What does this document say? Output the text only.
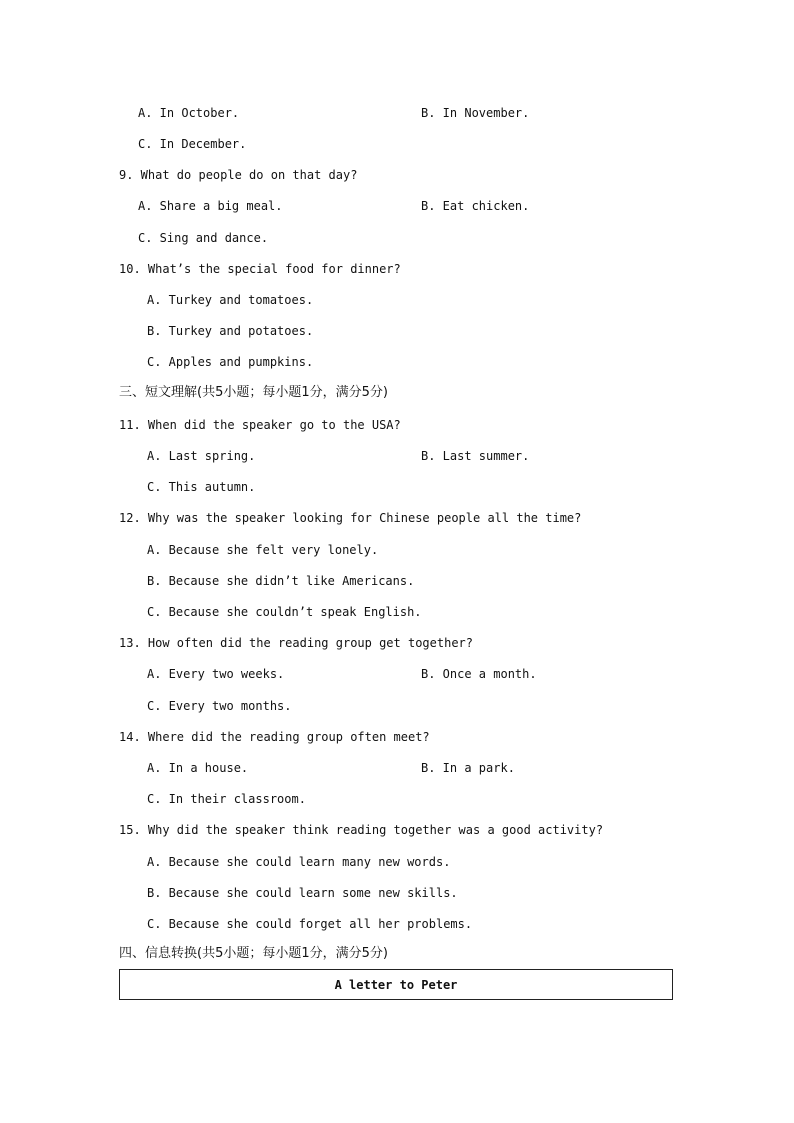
A. In October.	B. In November.
C. In December.
9. What do people do on that day?
A. Share a big meal.	B. Eat chicken.
C. Sing and dance.
10. What’s the special food for dinner?
A. Turkey and tomatoes.
B. Turkey and potatoes.
C. Apples and pumpkins.
三、短文理解(共5小题；每小题1分，满分5分)
11. When did the speaker go to the USA?
A. Last spring.	B. Last summer.
C. This autumn.
12. Why was the speaker looking for Chinese people all the time?
A. Because she felt very lonely.
B. Because she didn’t like Americans.
C. Because she couldn’t speak English.
13. How often did the reading group get together?
A. Every two weeks.	B. Once a month.
C. Every two months.
14. Where did the reading group often meet?
A. In a house.	B. In a park.
C. In their classroom.
15. Why did the speaker think reading together was a good activity?
A. Because she could learn many new words.
B. Because she could learn some new skills.
C. Because she could forget all her problems.
四、信息转换(共5小题；每小题1分，满分5分)
A letter to Peter
